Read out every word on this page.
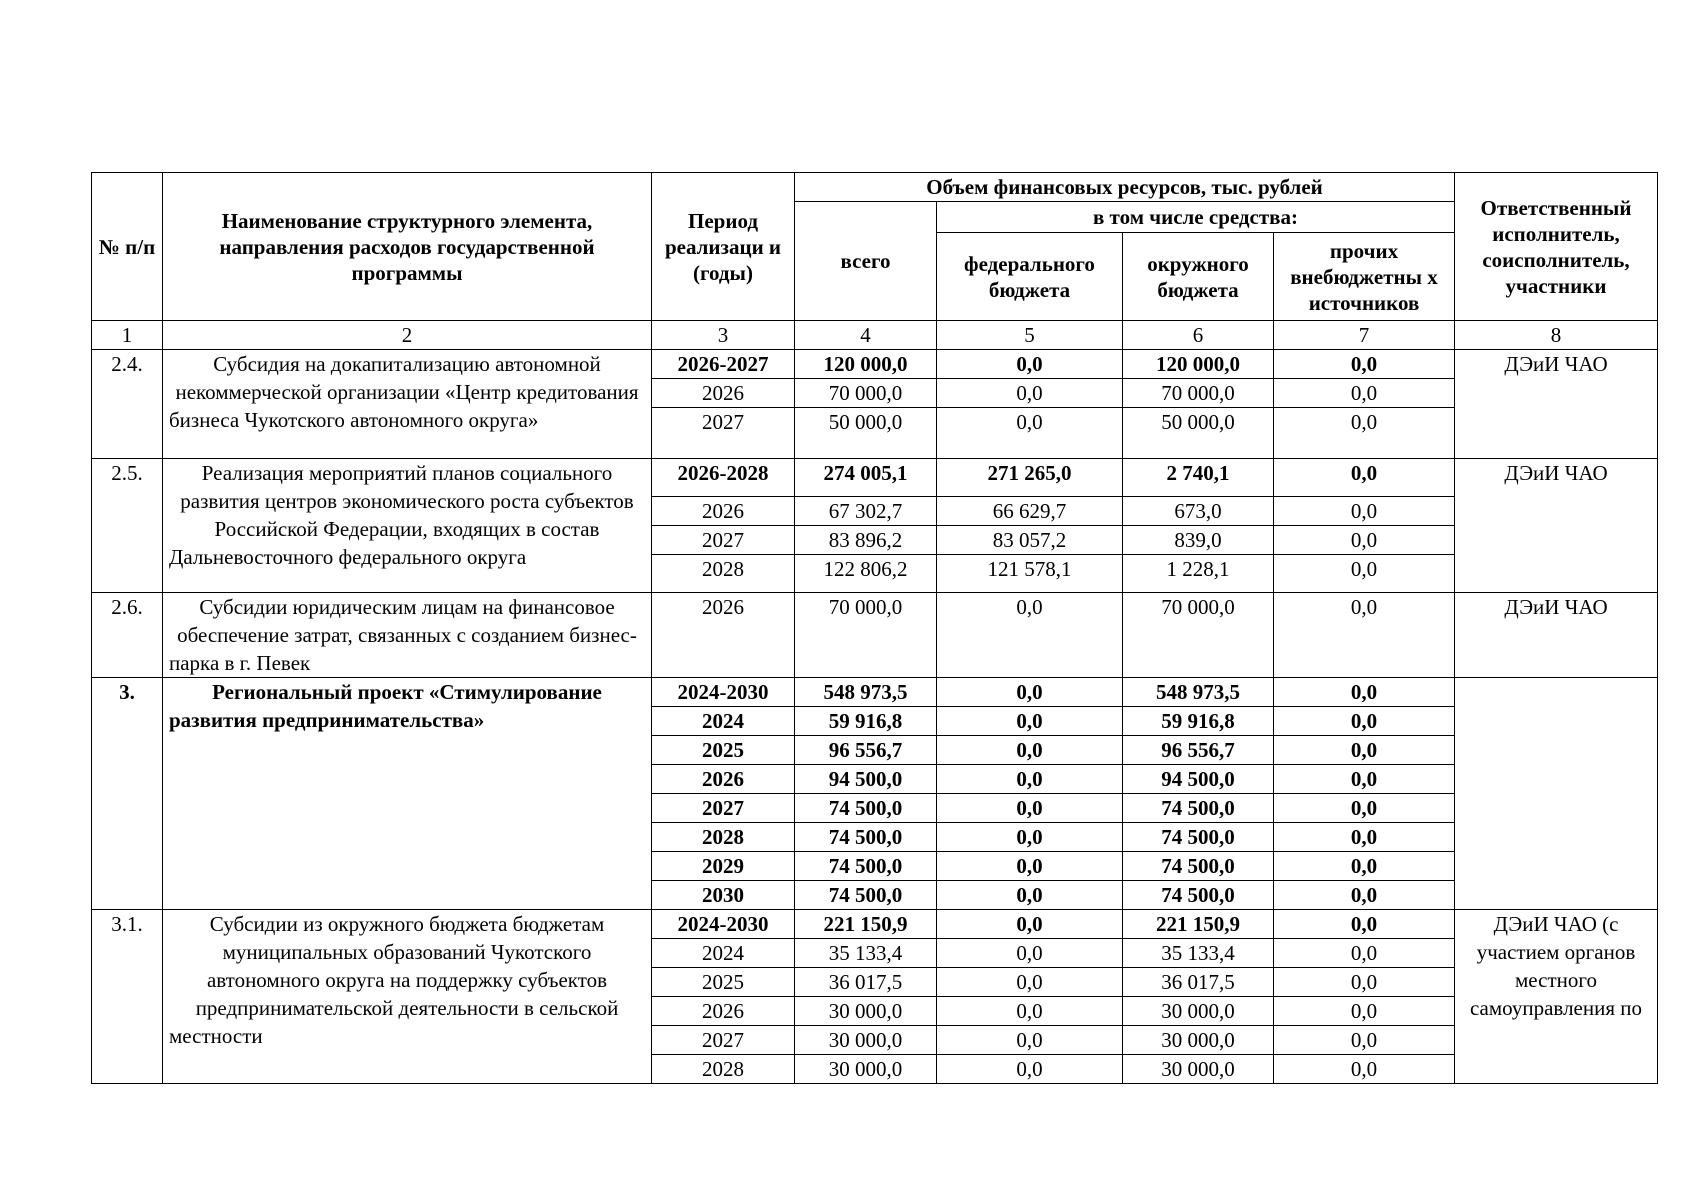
№ п/п	Наименование структурного элемента, направления расходов государственной программы	Период реализаци и (годы)	Объем финансовых ресурсов, тыс. рублей				Ответственный исполнитель, соисполнитель, участники
			всего	в том числе средства:			
				федерального бюджета	окружного бюджета	прочих внебюджетны х источников	
1	2	3	4	5	6	7	8
2.4.	Субсидия на докапитализацию автономной некоммерческой организации «Центр кредитования бизнеса Чукотского автономного округа»	2026-2027	120 000,0	0,0	120 000,0	0,0	ДЭиИ ЧАО
		2026	70 000,0	0,0	70 000,0	0,0	
		2027	50 000,0	0,0	50 000,0	0,0	
2.5.	Реализация мероприятий планов социального развития центров экономического роста субъектов Российской Федерации, входящих в состав Дальневосточного федерального округа	2026-2028	274 005,1	271 265,0	2 740,1	0,0	ДЭиИ ЧАО
		2026	67 302,7	66 629,7	673,0	0,0	
		2027	83 896,2	83 057,2	839,0	0,0	
		2028	122 806,2	121 578,1	1 228,1	0,0	
2.6.	Субсидии юридическим лицам на финансовое обеспечение затрат, связанных с созданием бизнес-парка в г. Певек	2026	70 000,0	0,0	70 000,0	0,0	ДЭиИ ЧАО
3.	Региональный проект «Стимулирование развития предпринимательства»	2024-2030	548 973,5	0,0	548 973,5	0,0	
		2024	59 916,8	0,0	59 916,8	0,0	
		2025	96 556,7	0,0	96 556,7	0,0	
		2026	94 500,0	0,0	94 500,0	0,0	
		2027	74 500,0	0,0	74 500,0	0,0	
		2028	74 500,0	0,0	74 500,0	0,0	
		2029	74 500,0	0,0	74 500,0	0,0	
		2030	74 500,0	0,0	74 500,0	0,0	
3.1.	Субсидии из окружного бюджета бюджетам муниципальных образований Чукотского автономного округа на поддержку субъектов предпринимательской деятельности в сельской местности	2024-2030	221 150,9	0,0	221 150,9	0,0	ДЭиИ ЧАО (с участием органов местного самоуправления по
		2024	35 133,4	0,0	35 133,4	0,0	
		2025	36 017,5	0,0	36 017,5	0,0	
		2026	30 000,0	0,0	30 000,0	0,0	
		2027	30 000,0	0,0	30 000,0	0,0	
		2028	30 000,0	0,0	30 000,0	0,0	
